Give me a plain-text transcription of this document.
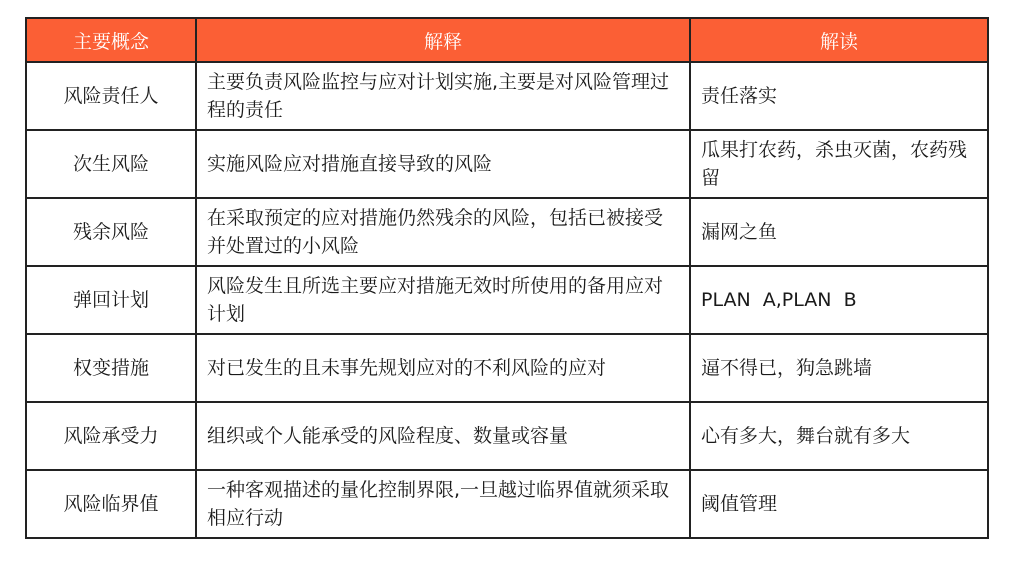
主要概念	解释	解读
风险责任人	主要负责风险监控与应对计划实施,主要是对风险管理过程的责任	责任落实
次生风险	实施风险应对措施直接导致的风险	瓜果打农药，杀虫灭菌，农药残留
残余风险	在采取预定的应对措施仍然残余的风险，包括已被接受并处置过的小风险	漏网之鱼
弹回计划	风险发生且所选主要应对措施无效时所使用的备用应对计划	PLAN  A,PLAN  B
权变措施	对已发生的且未事先规划应对的不利风险的应对	逼不得已，狗急跳墙
风险承受力	组织或个人能承受的风险程度、数量或容量	心有多大，舞台就有多大
风险临界值	一种客观描述的量化控制界限,一旦越过临界值就须采取相应行动	阈值管理
